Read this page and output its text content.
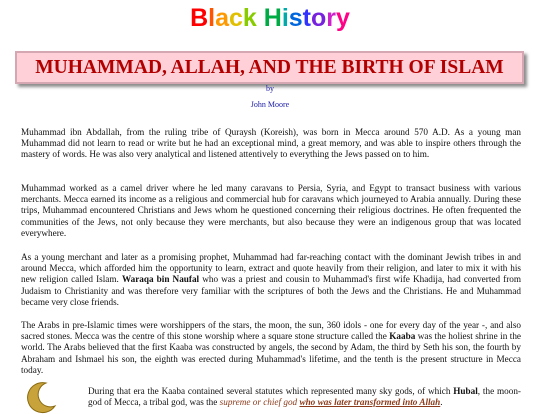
Black History
MUHAMMAD, ALLAH, AND THE BIRTH OF ISLAM
by
John Moore

Muhammad ibn Abdallah, from the ruling tribe of Quraysh (Koreish), was born in Mecca around 570 A.D. As a young man Muhammad did not learn to read or write but he had an exceptional mind, a great memory, and was able to inspire others through the mastery of words. He was also very analytical and listened attentively to everything the Jews passed on to him.

Muhammad worked as a camel driver where he led many caravans to Persia, Syria, and Egypt to transact business with various merchants. Mecca earned its income as a religious and commercial hub for caravans which journeyed to Arabia annually. During these trips, Muhammad encountered Christians and Jews whom he questioned concerning their religious doctrines. He often frequented the communities of the Jews, not only because they were merchants, but also because they were an indigenous group that was located everywhere.

As a young merchant and later as a promising prophet, Muhammad had far-reaching contact with the dominant Jewish tribes in and around Mecca, which afforded him the opportunity to learn, extract and quote heavily from their religion, and later to mix it with his new religion called Islam. Waraqa bin Naufal who was a priest and cousin to Muhammad's first wife Khadija, had converted from Judaism to Christianity and was therefore very familiar with the scriptures of both the Jews and the Christians. He and Muhammad became very close friends.

The Arabs in pre-Islamic times were worshippers of the stars, the moon, the sun, 360 idols - one for every day of the year -, and also sacred stones. Mecca was the centre of this stone worship where a square stone structure called the Kaaba was the holiest shrine in the world. The Arabs believed that the first Kaaba was constructed by angels, the second by Adam, the third by Seth his son, the fourth by Abraham and Ishmael his son, the eighth was erected during Muhammad's lifetime, and the tenth is the present structure in Mecca today.

During that era the Kaaba contained several statutes which represented many sky gods, of which Hubal, the moon-god of Mecca, a tribal god, was the supreme or chief god who was later transformed into Allah.
